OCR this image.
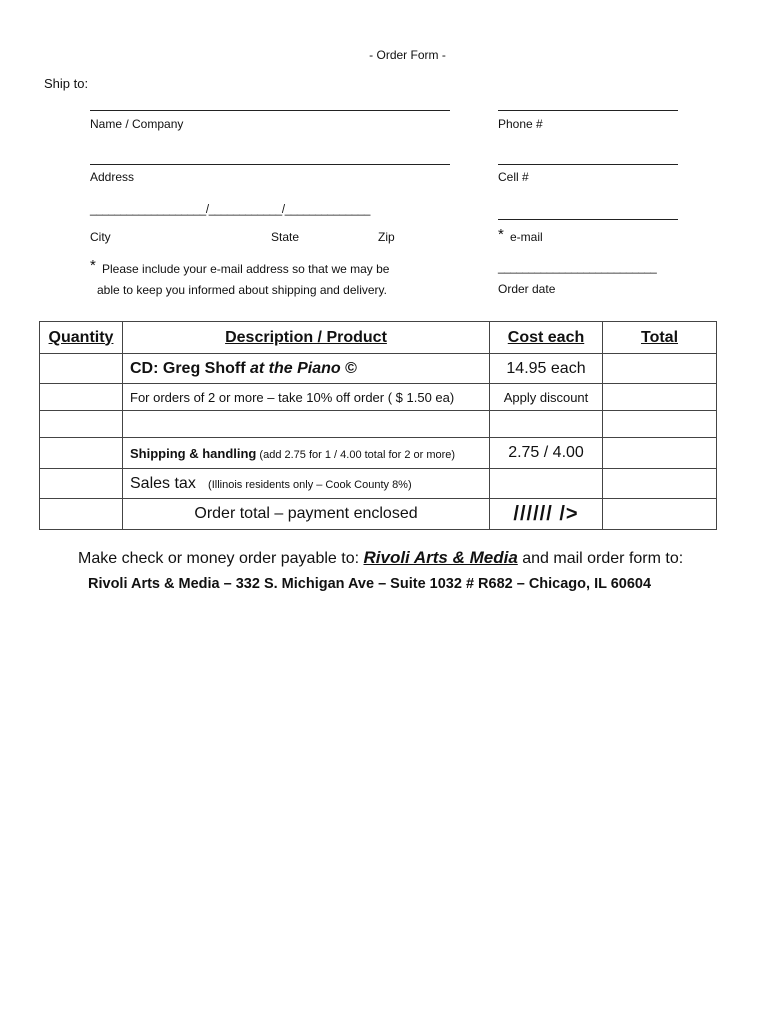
- Order Form -
Ship to:
Name / Company	Phone #
Address	Cell #
___________________/____________/______________
City	State	Zip	* e-mail
* Please include your e-mail address so that we may be
able to keep you informed about shipping and delivery.
__________________________
Order date
Quantity	Description / Product	Cost each	Total
	CD: Greg Shoff at the Piano ©	14.95 each	
	For orders of 2 or more – take 10% off order ( $ 1.50 ea)	Apply discount	

	Shipping & handling (add 2.75 for 1 / 4.00 total for 2 or more)	2.75 / 4.00	
	Sales tax    (Illinois residents only – Cook County 8%)		
	Order total – payment enclosed	////// />	
Make check or money order payable to: Rivoli Arts & Media and mail order form to:
Rivoli Arts & Media – 332 S. Michigan Ave – Suite 1032 # R682 – Chicago, IL 60604
